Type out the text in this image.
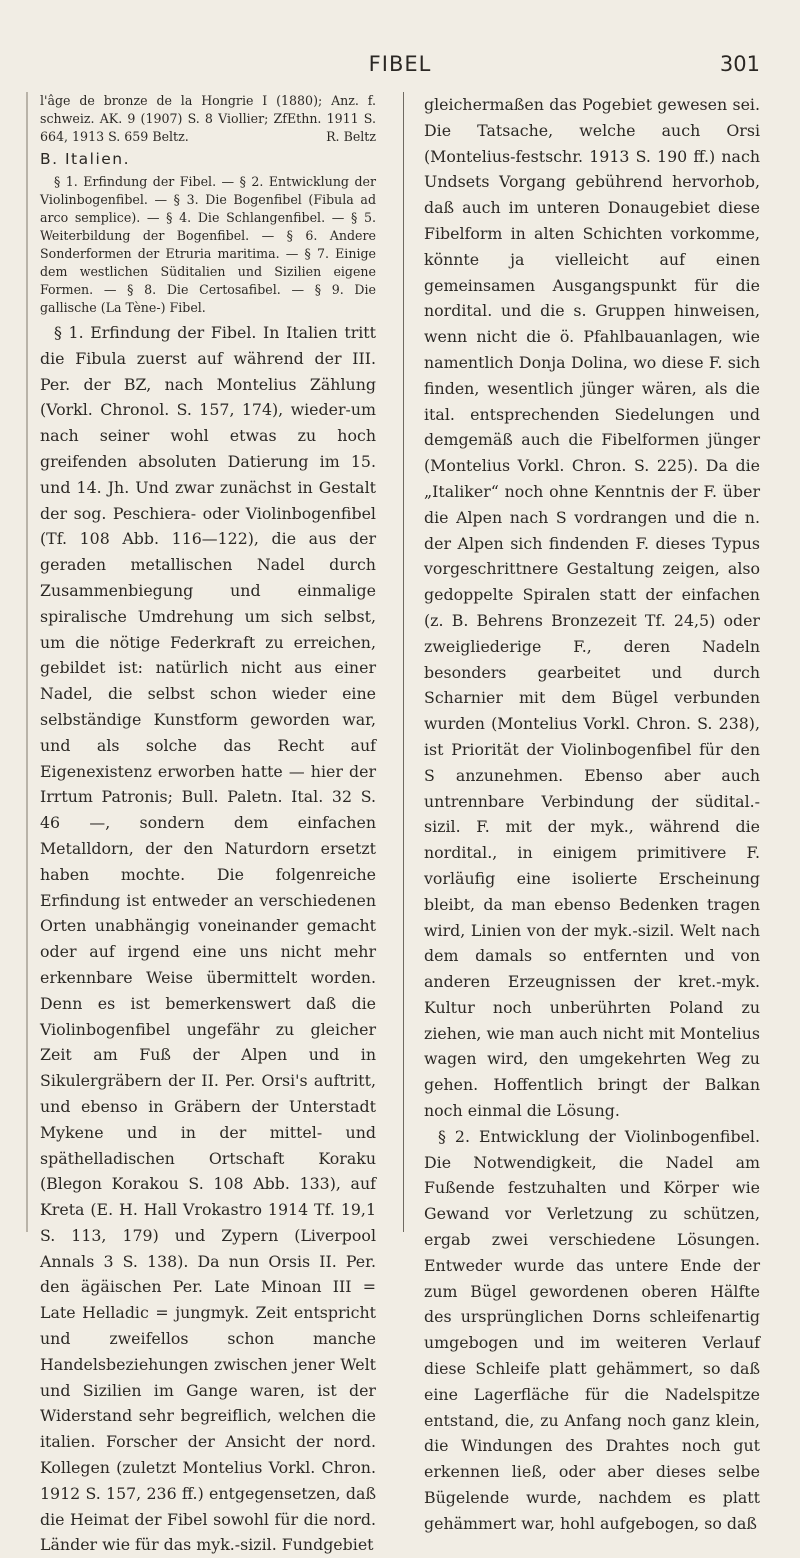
FIBEL	301

l'âge de bronze de la Hongrie I (1880); Anz. f. schweiz. AK. 9 (1907) S. 8 Viollier; ZfEthn. 1911 S. 664, 1913 S. 659 Beltz.	R. Beltz

B. Italien.

§ 1. Erfindung der Fibel. — § 2. Entwicklung der Violinbogenfibel. — § 3. Die Bogenfibel (Fibula ad arco semplice). — § 4. Die Schlangenfibel. — § 5. Weiterbildung der Bogenfibel. — § 6. Andere Sonderformen der Etruria maritima. — § 7. Einige dem westlichen Süditalien und Sizilien eigene Formen. — § 8. Die Certosafibel. — § 9. Die gallische (La Tène-) Fibel.

§ 1. Erfindung der Fibel. In Italien tritt die Fibula zuerst auf während der III. Per. der BZ, nach Montelius Zählung (Vorkl. Chronol. S. 157, 174), wieder-um nach seiner wohl etwas zu hoch greifenden absoluten Datierung im 15. und 14. Jh. Und zwar zunächst in Gestalt der sog. Peschiera- oder Violinbogenfibel (Tf. 108 Abb. 116—122), die aus der geraden metallischen Nadel durch Zusammenbiegung und einmalige spiralische Umdrehung um sich selbst, um die nötige Federkraft zu erreichen, gebildet ist: natürlich nicht aus einer Nadel, die selbst schon wieder eine selbständige Kunstform geworden war, und als solche das Recht auf Eigenexistenz erworben hatte — hier der Irrtum Patronis; Bull. Paletn. Ital. 32 S. 46 —, sondern dem einfachen Metalldorn, der den Naturdorn ersetzt haben mochte. Die folgenreiche Erfindung ist entweder an verschiedenen Orten unabhängig voneinander gemacht oder auf irgend eine uns nicht mehr erkennbare Weise übermittelt worden. Denn es ist bemerkenswert daß die Violinbogenfibel ungefähr zu gleicher Zeit am Fuß der Alpen und in Sikulergräbern der II. Per. Orsi's auftritt, und ebenso in Gräbern der Unterstadt Mykene und in der mittel- und späthelladischen Ortschaft Koraku (Blegon Korakou S. 108 Abb. 133), auf Kreta (E. H. Hall Vrokastro 1914 Tf. 19,1 S. 113, 179) und Zypern (Liverpool Annals 3 S. 138). Da nun Orsis II. Per. den ägäischen Per. Late Minoan III = Late Helladic = jungmyk. Zeit entspricht und zweifellos schon manche Handelsbeziehungen zwischen jener Welt und Sizilien im Gange waren, ist der Widerstand sehr begreiflich, welchen die italien. Forscher der Ansicht der nord. Kollegen (zuletzt Montelius Vorkl. Chron. 1912 S. 157, 236 ff.) entgegensetzen, daß die Heimat der Fibel sowohl für die nord. Länder wie für das myk.-sizil. Fundgebiet

gleichermaßen das Pogebiet gewesen sei. Die Tatsache, welche auch Orsi (Montelius-festschr. 1913 S. 190 ff.) nach Undsets Vorgang gebührend hervorhob, daß auch im unteren Donaugebiet diese Fibelform in alten Schichten vorkomme, könnte ja vielleicht auf einen gemeinsamen Ausgangspunkt für die nordital. und die s. Gruppen hinweisen, wenn nicht die ö. Pfahlbauanlagen, wie namentlich Donja Dolina, wo diese F. sich finden, wesentlich jünger wären, als die ital. entsprechenden Siedelungen und demgemäß auch die Fibelformen jünger (Montelius Vorkl. Chron. S. 225). Da die „Italiker“ noch ohne Kenntnis der F. über die Alpen nach S vordrangen und die n. der Alpen sich findenden F. dieses Typus vorgeschrittnere Gestaltung zeigen, also gedoppelte Spiralen statt der einfachen (z. B. Behrens Bronzezeit Tf. 24,5) oder zweigliederige F., deren Nadeln besonders gearbeitet und durch Scharnier mit dem Bügel verbunden wurden (Montelius Vorkl. Chron. S. 238), ist Priorität der Violinbogenfibel für den S anzunehmen. Ebenso aber auch untrennbare Verbindung der südital.-sizil. F. mit der myk., während die nordital., in einigem primitivere F. vorläufig eine isolierte Erscheinung bleibt, da man ebenso Bedenken tragen wird, Linien von der myk.-sizil. Welt nach dem damals so entfernten und von anderen Erzeugnissen der kret.-myk. Kultur noch unberührten Poland zu ziehen, wie man auch nicht mit Montelius wagen wird, den umgekehrten Weg zu gehen. Hoffentlich bringt der Balkan noch einmal die Lösung.

§ 2. Entwicklung der Violinbogenfibel. Die Notwendigkeit, die Nadel am Fußende festzuhalten und Körper wie Gewand vor Verletzung zu schützen, ergab zwei verschiedene Lösungen. Entweder wurde das untere Ende der zum Bügel gewordenen oberen Hälfte des ursprünglichen Dorns schleifenartig umgebogen und im weiteren Verlauf diese Schleife platt gehämmert, so daß eine Lagerfläche für die Nadelspitze entstand, die, zu Anfang noch ganz klein, die Windungen des Drahtes noch gut erkennen ließ, oder aber dieses selbe Bügelende wurde, nachdem es platt gehämmert war, hohl aufgebogen, so daß
